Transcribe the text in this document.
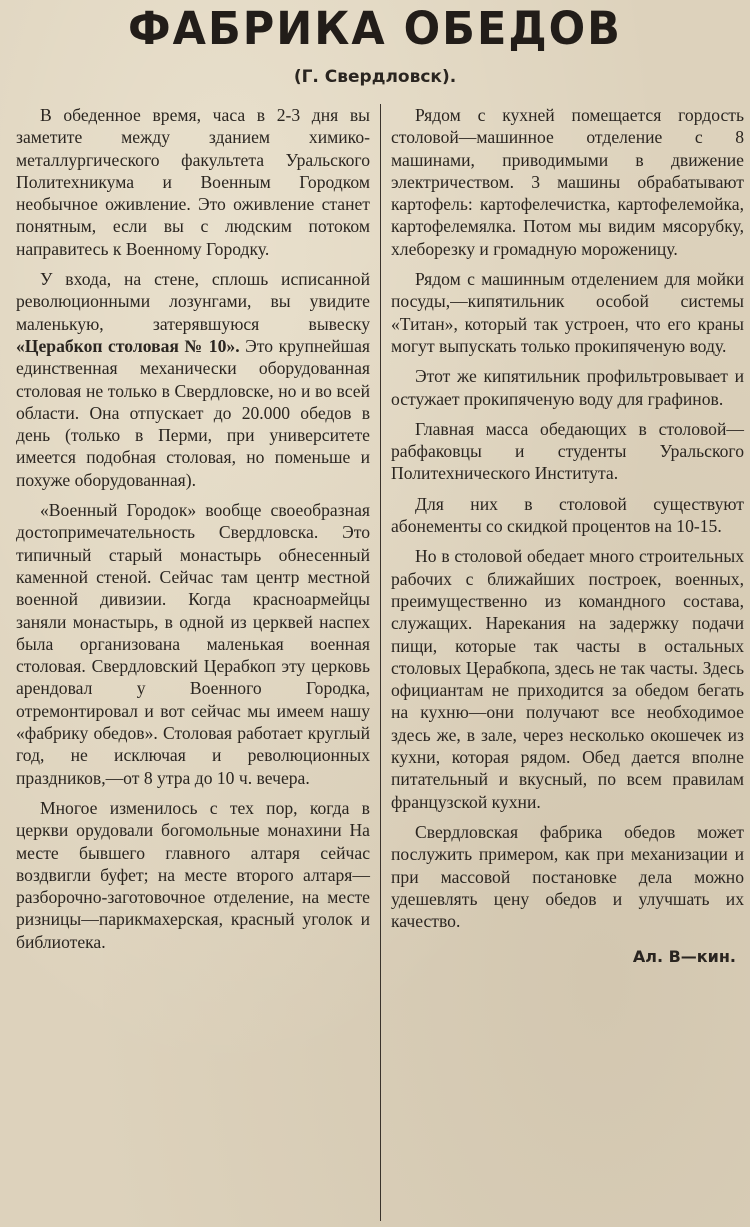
ФАБРИКА ОБЕДОВ
(Г. Свердловск).

В обеденное время, часа в 2-3 дня вы заметите между зданием химико-металлургического факультета Уральского Политехникума и Военным Городком необычное оживление. Это оживление станет понятным, если вы с людским потоком направитесь к Военному Городку.

У входа, на стене, сплошь исписанной революционными лозунгами, вы увидите маленькую, затерявшуюся вывеску «Церабкоп столовая № 10». Это крупнейшая единственная механически оборудованная столовая не только в Свердловске, но и во всей области. Она отпускает до 20.000 обедов в день (только в Перми, при университете имеется подобная столовая, но поменьше и похуже оборудованная).

«Военный Городок» вообще своеобразная достопримечательность Свердловска. Это типичный старый монастырь обнесенный каменной стеной. Сейчас там центр местной военной дивизии. Когда красноармейцы заняли монастырь, в одной из церквей наспех была организована маленькая военная столовая. Свердловский Церабкоп эту церковь арендовал у Военного Городка, отремонтировал и вот сейчас мы имеем нашу «фабрику обедов». Столовая работает круглый год, не исключая и революционных праздников,—от 8 утра до 10 ч. вечера.

Многое изменилось с тех пор, когда в церкви орудовали богомольные монахини На месте бывшего главного алтаря сейчас воздвигли буфет; на месте второго алтаря—разборочно-заготовочное отделение, на месте ризницы—парикмахерская, красный уголок и библиотека.

Рядом с кухней помещается гордость столовой—машинное отделение с 8 машинами, приводимыми в движение электричеством. 3 машины обрабатывают картофель: картофелечистка, картофелемойка, картофелемялка. Потом мы видим мясорубку, хлеборезку и громадную мороженицу.

Рядом с машинным отделением для мойки посуды,—кипятильник особой системы «Титан», который так устроен, что его краны могут выпускать только прокипяченую воду.

Этот же кипятильник профильтровывает и остужает прокипяченую воду для графинов.

Главная масса обедающих в столовой—рабфаковцы и студенты Уральского Политехнического Института.

Для них в столовой существуют абонементы со скидкой процентов на 10-15.

Но в столовой обедает много строительных рабочих с ближайших построек, военных, преимущественно из командного состава, служащих. Нарекания на задержку подачи пищи, которые так часты в остальных столовых Церабкопа, здесь не так часты. Здесь официантам не приходится за обедом бегать на кухню—они получают все необходимое здесь же, в зале, через несколько окошечек из кухни, которая рядом. Обед дается вполне питательный и вкусный, по всем правилам французской кухни.

Свердловская фабрика обедов может послужить примером, как при механизации и при массовой постановке дела можно удешевлять цену обедов и улучшать их качество.

Ал. В—кин.
